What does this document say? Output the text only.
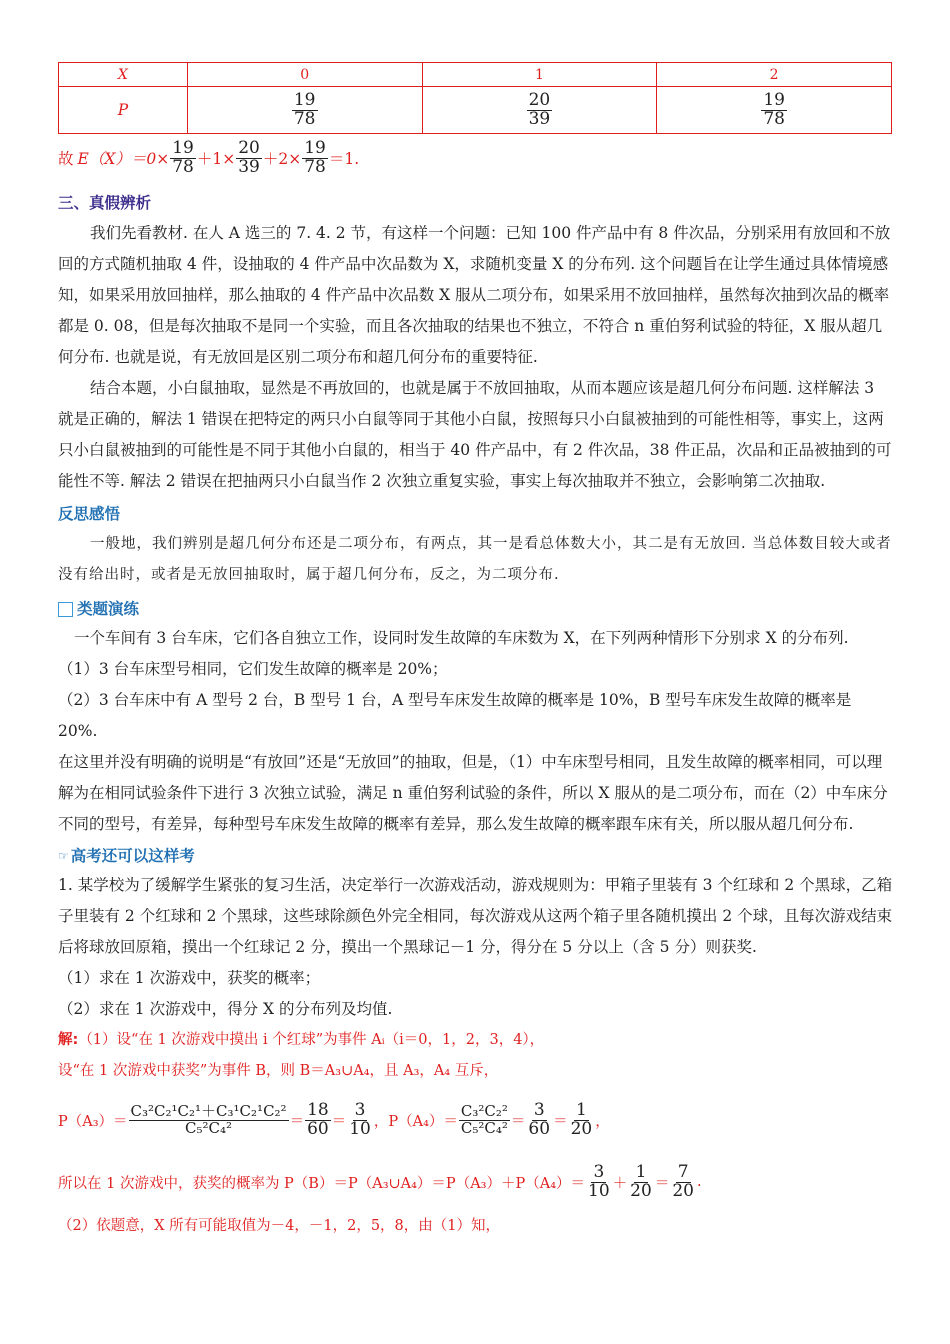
X	0	1	2
P	$\frac{19}{78}$	$\frac{20}{39}$	$\frac{19}{78}$
故 $E(X)=0\times \frac{19}{78} +1\times \frac{20}{39} +2\times \frac{19}{78} =1$.
三、真假辨析

我们先看教材. 在人 A 选三的 7. 4. 2 节，有这样一个问题：已知 100 件产品中有 8 件次品，分别采用有放回和不放回的方式随机抽取 4 件，设抽取的 4 件产品中次品数为 X，求随机变量 X 的分布列. 这个问题旨在让学生通过具体情境感知，如果采用放回抽样，那么抽取的 4 件产品中次品数 X 服从二项分布，如果采用不放回抽样，虽然每次抽到次品的概率都是 0. 08，但是每次抽取不是同一个实验，而且各次抽取的结果也不独立，不符合 n 重伯努利试验的特征，X 服从超几何分布. 也就是说，有无放回是区别二项分布和超几何分布的重要特征.

结合本题，小白鼠抽取，显然是不再放回的，也就是属于不放回抽取，从而本题应该是超几何分布问题. 这样解法 3 就是正确的，解法 1 错误在把特定的两只小白鼠等同于其他小白鼠，按照每只小白鼠被抽到的可能性相等，事实上，这两只小白鼠被抽到的可能性是不同于其他小白鼠的，相当于 40 件产品中，有 2 件次品，38 件正品，次品和正品被抽到的可能性不等. 解法 2 错误在把抽两只小白鼠当作 2 次独立重复实验，事实上每次抽取并不独立，会影响第二次抽取.

反思感悟

一般地，我们辨别是超几何分布还是二项分布，有两点，其一是看总体数大小，其二是有无放回. 当总体数目较大或者没有给出时，或者是无放回抽取时，属于超几何分布，反之，为二项分布.

类题演练

一个车间有 3 台车床，它们各自独立工作，设同时发生故障的车床数为 X，在下列两种情形下分别求 X 的分布列.

（1）3 台车床型号相同，它们发生故障的概率是 20%；

（2）3 台车床中有 A 型号 2 台，B 型号 1 台，A 型号车床发生故障的概率是 10%，B 型号车床发生故障的概率是 20%.

在这里并没有明确的说明是“有放回”还是“无放回”的抽取，但是，（1）中车床型号相同，且发生故障的概率相同，可以理解为在相同试验条件下进行 3 次独立试验，满足 n 重伯努利试验的条件，所以 X 服从的是二项分布，而在（2）中车床分不同的型号，有差异，每种型号车床发生故障的概率有差异，那么发生故障的概率跟车床有关，所以服从超几何分布.

☞ 高考还可以这样考

1. 某学校为了缓解学生紧张的复习生活，决定举行一次游戏活动，游戏规则为：甲箱子里装有 3 个红球和 2 个黑球，乙箱子里装有 2 个红球和 2 个黑球，这些球除颜色外完全相同，每次游戏从这两个箱子里各随机摸出 2 个球，且每次游戏结束后将球放回原箱，摸出一个红球记 2 分，摸出一个黑球记－1 分，得分在 5 分以上（含 5 分）则获奖.

（1）求在 1 次游戏中，获奖的概率；

（2）求在 1 次游戏中，得分 X 的分布列及均值.

解:（1）设“在 1 次游戏中摸出 i 个红球”为事件 Aᵢ（i＝0，1，2，3，4），

设“在 1 次游戏中获奖”为事件 B，则 B＝A₃∪A₄，且 A₃，A₄ 互斥，

$P(A_3)= \frac{\text{C₃²C₂¹C₂¹＋C₃¹C₂¹C₂²}}{\text{C₅²C₄²}} = \frac{18}{60} = \frac{3}{10}$ ，$P(A_4)= \frac{\text{C₃²C₂²}}{\text{C₅²C₄²}} = \frac{3}{60} = \frac{1}{20}$ ，
所以在 1 次游戏中，获奖的概率为 P（B）＝P（A₃∪A₄）＝P（A₃）＋P（A₄）＝ $\frac{3}{10} + \frac{1}{20} = \frac{7}{20}$ .

（2）依题意，X 所有可能取值为－4，－1，2，5，8，由（1）知，
